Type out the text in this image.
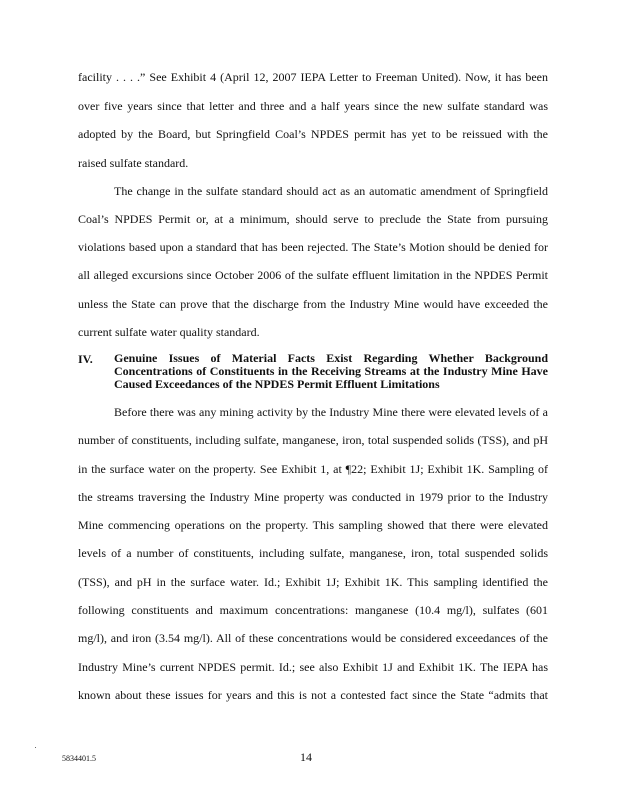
facility . . . .” See Exhibit 4 (April 12, 2007 IEPA Letter to Freeman United). Now, it has been
over five years since that letter and three and a half years since the new sulfate standard was
adopted by the Board, but Springfield Coal’s NPDES permit has yet to be reissued with the
raised sulfate standard.
The change in the sulfate standard should act as an automatic amendment of Springfield
Coal’s NPDES Permit or, at a minimum, should serve to preclude the State from pursuing
violations based upon a standard that has been rejected. The State’s Motion should be denied for
all alleged excursions since October 2006 of the sulfate effluent limitation in the NPDES Permit
unless the State can prove that the discharge from the Industry Mine would have exceeded the
current sulfate water quality standard.
IV. Genuine Issues of Material Facts Exist Regarding Whether Background
Concentrations of Constituents in the Receiving Streams at the Industry Mine Have
Caused Exceedances of the NPDES Permit Effluent Limitations
Before there was any mining activity by the Industry Mine there were elevated levels of a
number of constituents, including sulfate, manganese, iron, total suspended solids (TSS), and pH
in the surface water on the property. See Exhibit 1, at ¶22; Exhibit 1J; Exhibit 1K. Sampling of
the streams traversing the Industry Mine property was conducted in 1979 prior to the Industry
Mine commencing operations on the property. This sampling showed that there were elevated
levels of a number of constituents, including sulfate, manganese, iron, total suspended solids
(TSS), and pH in the surface water. Id.; Exhibit 1J; Exhibit 1K. This sampling identified the
following constituents and maximum concentrations: manganese (10.4 mg/l), sulfates (601
mg/l), and iron (3.54 mg/l). All of these concentrations would be considered exceedances of the
Industry Mine’s current NPDES permit. Id.; see also Exhibit 1J and Exhibit 1K. The IEPA has
known about these issues for years and this is not a contested fact since the State “admits that
5834401.5	14
